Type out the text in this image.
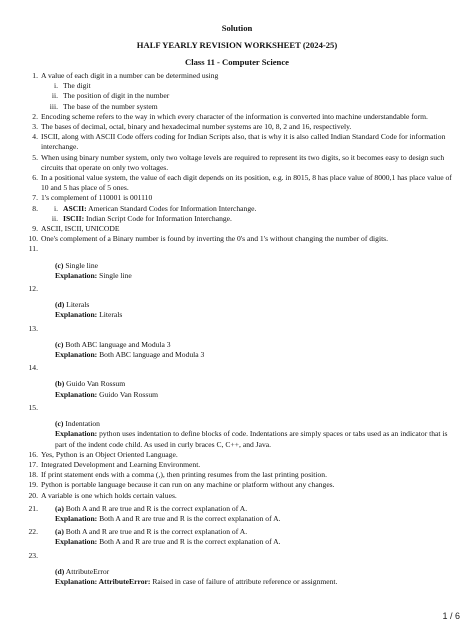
Solution
HALF YEARLY REVISION WORKSHEET (2024-25)
Class 11 - Computer Science
1. A value of each digit in a number can be determined using
i. The digit
ii. The position of digit in the number
iii. The base of the number system
2. Encoding scheme refers to the way in which every character of the information is converted into machine understandable form.
3. The bases of decimal, octal, binary and hexadecimal number systems are 10, 8, 2 and 16, respectively.
4. ISCII, along with ASCII Code offers coding for Indian Scripts also, that is why it is also called Indian Standard Code for information interchange.
5. When using binary number system, only two voltage levels are required to represent its two digits, so it becomes easy to design such circuits that operate on only two voltages.
6. In a positional value system, the value of each digit depends on its position, e.g. in 8015, 8 has place value of 8000,1 has place value of 10 and 5 has place of 5 ones.
7. 1's complement of 110001 is 001110
8.	i. ASCII: American Standard Codes for Information Interchange.
ii. ISCII: Indian Script Code for Information Interchange.
9. ASCII, ISCII, UNICODE
10. One's complement of a Binary number is found by inverting the 0's and 1's without changing the number of digits.
11.

(c) Single line
Explanation: Single line
12.

(d) Literals
Explanation: Literals
13.

(c) Both ABC language and Modula 3
Explanation: Both ABC language and Modula 3
14.

(b) Guido Van Rossum
Explanation: Guido Van Rossum
15.

(c) Indentation
Explanation: python uses indentation to define blocks of code. Indentations are simply spaces or tabs used as an indicator that is part of the indent code child. As used in curly braces C, C++, and Java.
16. Yes, Python is an Object Oriented Language.
17. Integrated Development and Learning Environment.
18. If print statement ends with a comma (,), then printing resumes from the last printing position.
19. Python is portable language because it can run on any machine or platform without any changes.
20. A variable is one which holds certain values.
21.	(a) Both A and R are true and R is the correct explanation of A.
Explanation: Both A and R are true and R is the correct explanation of A.
22.	(a) Both A and R are true and R is the correct explanation of A.
Explanation: Both A and R are true and R is the correct explanation of A.
23.

(d) AttributeError
Explanation: AttributeError: Raised in case of failure of attribute reference or assignment.
1 / 6
